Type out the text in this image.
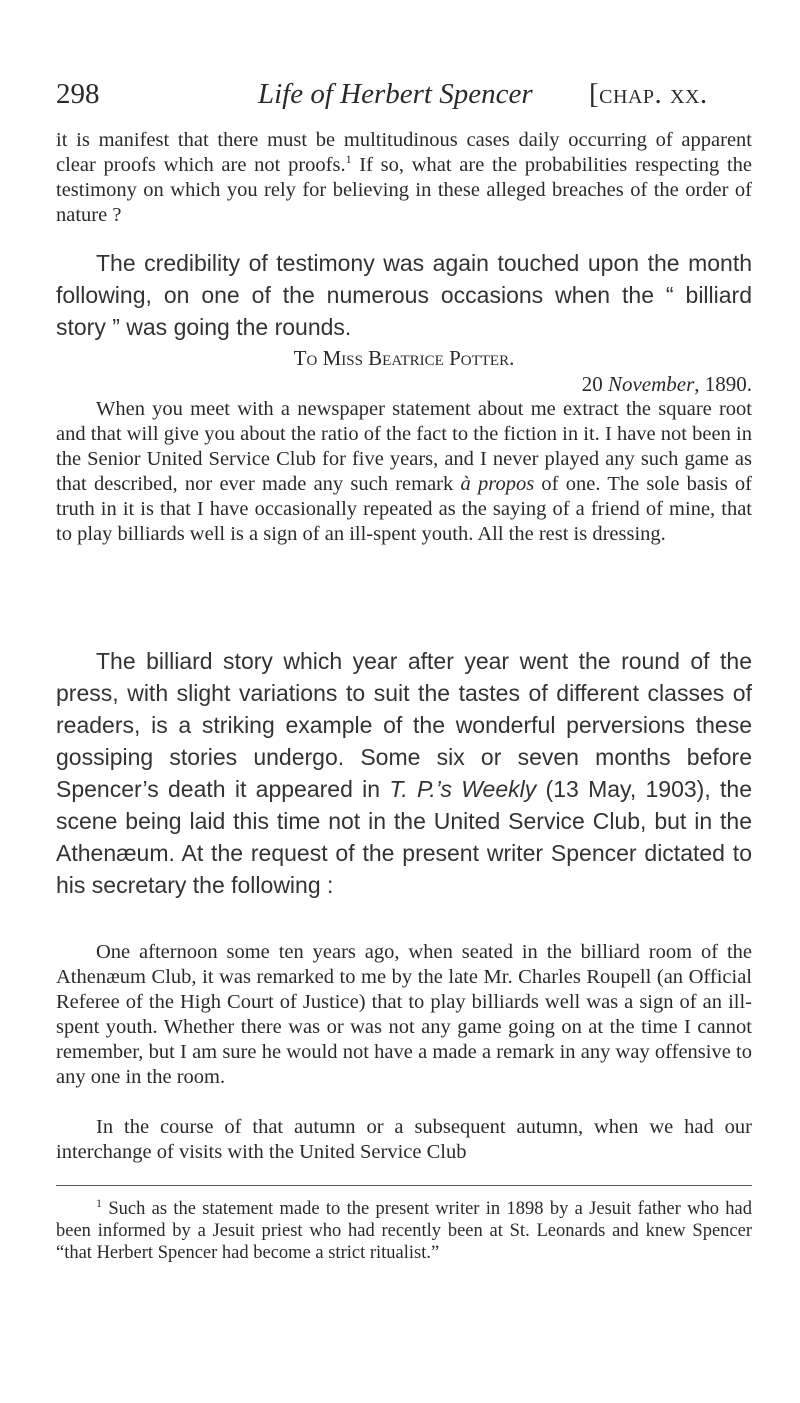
298	Life of Herbert Spencer [chap. xx.

it is manifest that there must be multitudinous cases daily occurring of apparent clear proofs which are not proofs.$^1$ If so, what are the probabilities respecting the testimony on which you rely for believing in these alleged breaches of the order of nature ?

The credibility of testimony was again touched upon the month following, on one of the numerous occasions when the “ billiard story ” was going the rounds.

To Miss Beatrice Potter.
20 November, 1890.

When you meet with a newspaper statement about me extract the square root and that will give you about the ratio of the fact to the fiction in it. I have not been in the Senior United Service Club for five years, and I never played any such game as that described, nor ever made any such remark à propos of one. The sole basis of truth in it is that I have occasionally repeated as the saying of a friend of mine, that to play billiards well is a sign of an ill-spent youth. All the rest is dressing.

The billiard story which year after year went the round of the press, with slight variations to suit the tastes of different classes of readers, is a striking example of the wonderful perversions these gossiping stories undergo. Some six or seven months before Spencer’s death it appeared in T. P.’s Weekly (13 May, 1903), the scene being laid this time not in the United Service Club, but in the Athenæum. At the request of the present writer Spencer dictated to his secretary the following :

One afternoon some ten years ago, when seated in the billiard room of the Athenæum Club, it was remarked to me by the late Mr. Charles Roupell (an Official Referee of the High Court of Justice) that to play billiards well was a sign of an ill-spent youth. Whether there was or was not any game going on at the time I cannot remember, but I am sure he would not have a made a remark in any way offensive to any one in the room.

In the course of that autumn or a subsequent autumn, when we had our interchange of visits with the United Service Club

$^1$ Such as the statement made to the present writer in 1898 by a Jesuit father who had been informed by a Jesuit priest who had recently been at St. Leonards and knew Spencer “that Herbert Spencer had become a strict ritualist.”
